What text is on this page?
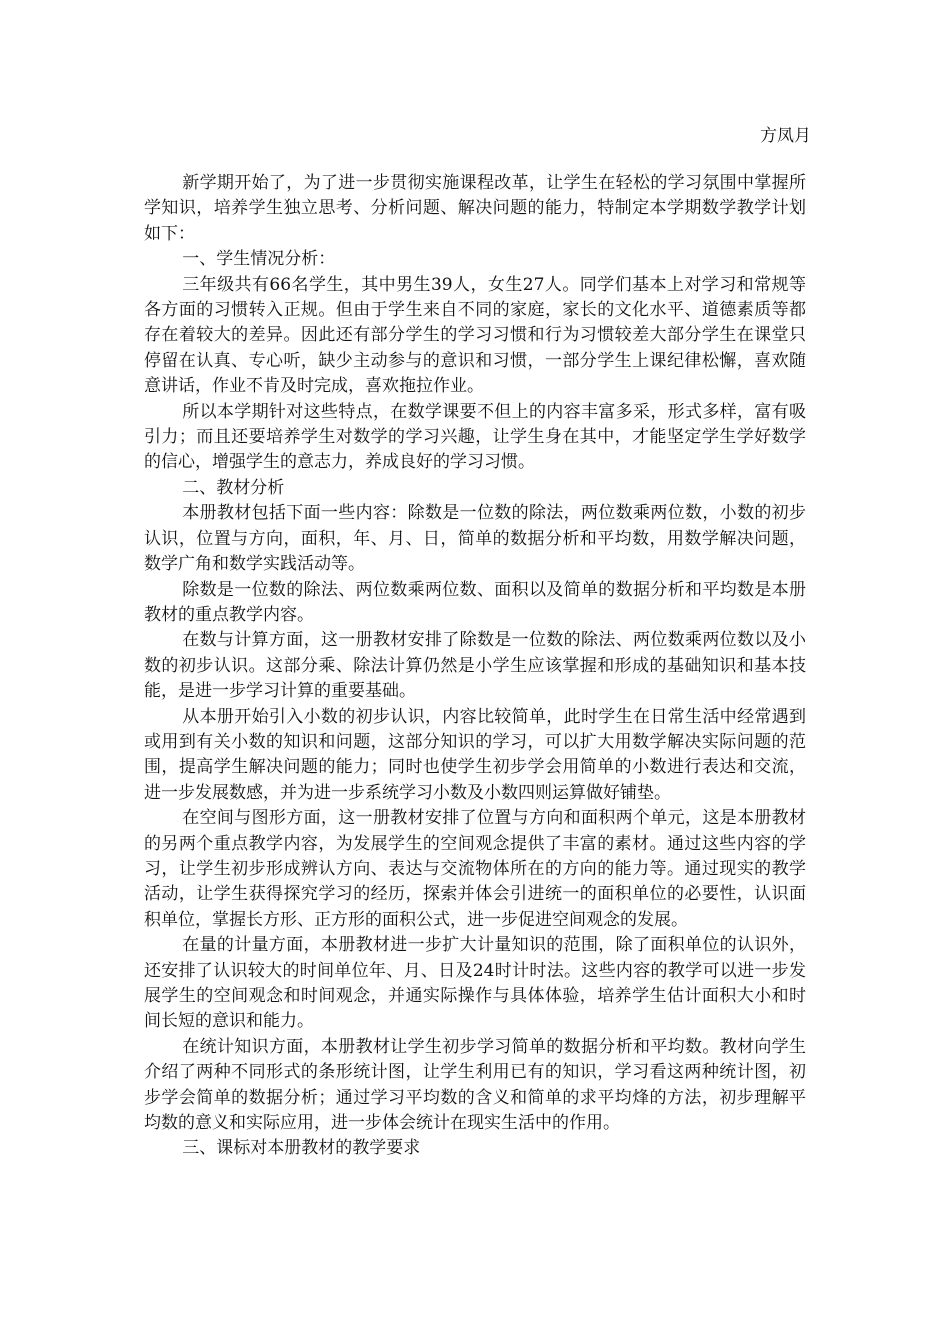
方凤月

新学期开始了，为了进一步贯彻实施课程改革，让学生在轻松的学习氛围中掌握所学知识，培养学生独立思考、分析问题、解决问题的能力，特制定本学期数学教学计划如下：

一、学生情况分析：

三年级共有66名学生，其中男生39人，女生27人。同学们基本上对学习和常规等各方面的习惯转入正规。但由于学生来自不同的家庭，家长的文化水平、道德素质等都存在着较大的差异。因此还有部分学生的学习习惯和行为习惯较差大部分学生在课堂只停留在认真、专心听，缺少主动参与的意识和习惯，一部分学生上课纪律松懈，喜欢随意讲话，作业不肯及时完成，喜欢拖拉作业。

所以本学期针对这些特点，在数学课要不但上的内容丰富多采，形式多样，富有吸引力；而且还要培养学生对数学的学习兴趣，让学生身在其中，才能坚定学生学好数学的信心，增强学生的意志力，养成良好的学习习惯。

二、教材分析

本册教材包括下面一些内容：除数是一位数的除法，两位数乘两位数，小数的初步认识，位置与方向，面积，年、月、日，简单的数据分析和平均数，用数学解决问题，数学广角和数学实践活动等。

除数是一位数的除法、两位数乘两位数、面积以及简单的数据分析和平均数是本册教材的重点教学内容。

在数与计算方面，这一册教材安排了除数是一位数的除法、两位数乘两位数以及小数的初步认识。这部分乘、除法计算仍然是小学生应该掌握和形成的基础知识和基本技能，是进一步学习计算的重要基础。

从本册开始引入小数的初步认识，内容比较简单，此时学生在日常生活中经常遇到或用到有关小数的知识和问题，这部分知识的学习，可以扩大用数学解决实际问题的范围，提高学生解决问题的能力；同时也使学生初步学会用简单的小数进行表达和交流，进一步发展数感，并为进一步系统学习小数及小数四则运算做好铺垫。

在空间与图形方面，这一册教材安排了位置与方向和面积两个单元，这是本册教材的另两个重点教学内容，为发展学生的空间观念提供了丰富的素材。通过这些内容的学习，让学生初步形成辨认方向、表达与交流物体所在的方向的能力等。通过现实的教学活动，让学生获得探究学习的经历，探索并体会引进统一的面积单位的必要性，认识面积单位，掌握长方形、正方形的面积公式，进一步促进空间观念的发展。

在量的计量方面，本册教材进一步扩大计量知识的范围，除了面积单位的认识外，还安排了认识较大的时间单位年、月、日及24时计时法。这些内容的教学可以进一步发展学生的空间观念和时间观念，并通实际操作与具体体验，培养学生估计面积大小和时间长短的意识和能力。

在统计知识方面，本册教材让学生初步学习简单的数据分析和平均数。教材向学生介绍了两种不同形式的条形统计图，让学生利用已有的知识，学习看这两种统计图，初步学会简单的数据分析；通过学习平均数的含义和简单的求平均烽的方法，初步理解平均数的意义和实际应用，进一步体会统计在现实生活中的作用。

三、课标对本册教材的教学要求
